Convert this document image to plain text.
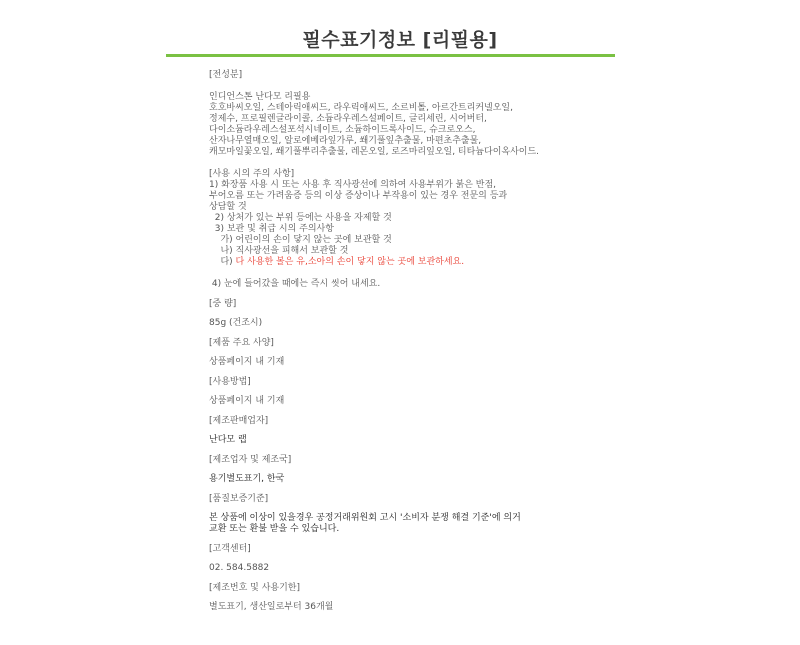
필수표기정보 [리필용]
[전성분]
인디언스톤 난다모 리필용
호호바씨오일, 스테아릭애씨드, 라우릭애씨드, 소르비톨, 아르간트리커넬오일,
정제수, 프로필렌글라이콜, 소듐라우레스설페이트, 글리세린, 시어버터,
다이소듐라우레스설포석시네이트, 소듐하이드록사이드, 슈크로오스,
산자나무열매오일, 알로에베라잎가루, 쐐기풀잎추출물, 마편초추출물,
캐모마일꽃오일, 쐐기풀뿌리추출물, 레몬오일, 로즈마리잎오일, 티타늄다이옥사이드.
[사용 시의 주의 사항]
1) 화장품 사용 시 또는 사용 후 직사광선에 의하여 사용부위가 붉은 반점,
부어오름 또는 가려움증 등의 이상 증상이나 부작용이 있는 경우 전문의 등과
상담할 것
2) 상처가 있는 부위 등에는 사용을 자제할 것
3) 보관 및 취급 시의 주의사항
가) 어린이의 손이 닿지 않는 곳에 보관할 것
나) 직사광선을 피해서 보관할 것
다) 다 사용한 볼은 유,소아의 손이 닿지 않는 곳에 보관하세요.
4) 눈에 들어갔을 때에는 즉시 씻어 내세요.
[중 량]
85g (건조시)
[제품 주요 사양]
상품페이지 내 기재
[사용방법]
상품페이지 내 기재
[제조판매업자]
난다모 랩
[제조업자 및 제조국]
용기별도표기, 한국
[품질보증기준]
본 상품에 이상이 있을경우 공정거래위원회 고시 '소비자 분쟁 해결 기준'에 의거
교환 또는 환불 받을 수 있습니다.
[고객센터]
02. 584.5882
[제조번호 및 사용기한]
별도표기, 생산일로부터 36개월
